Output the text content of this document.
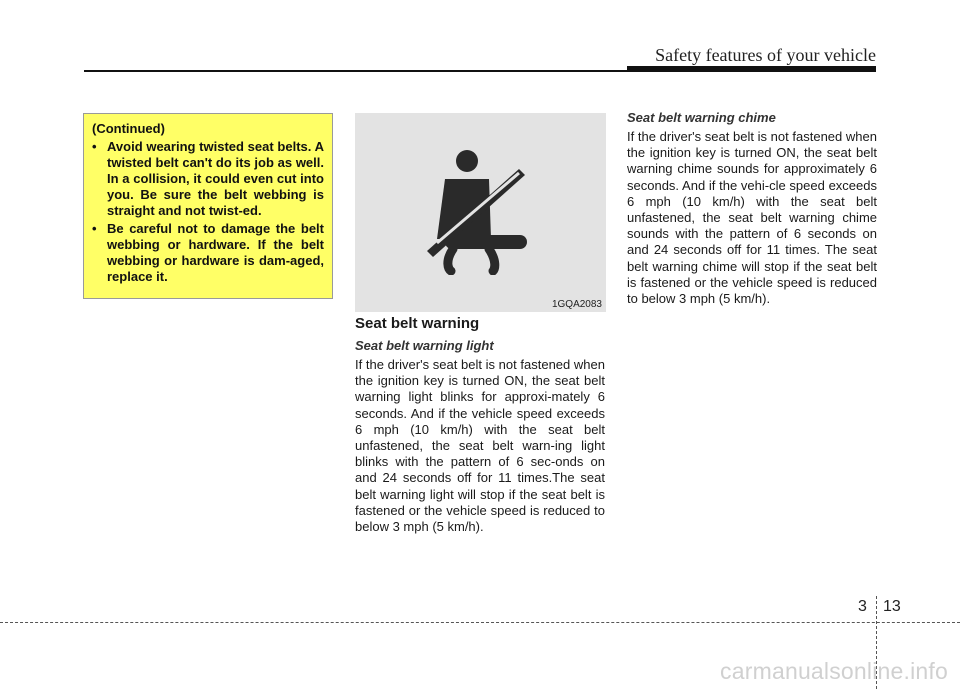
Safety features of your vehicle
(Continued)
• Avoid wearing twisted seat belts. A twisted belt can't do its job as well. In a collision, it could even cut into you. Be sure the belt webbing is straight and not twist-ed.
• Be careful not to damage the belt webbing or hardware. If the belt webbing or hardware is dam-aged, replace it.
1GQA2083
Seat belt warning
Seat belt warning light

If the driver's seat belt is not fastened when the ignition key is turned ON, the seat belt warning light blinks for approxi-mately 6 seconds. And if the vehicle speed exceeds 6 mph (10 km/h) with the seat belt unfastened, the seat belt warn-ing light blinks with the pattern of 6 sec-onds on and 24 seconds off for 11 times.The seat belt warning light will stop if the seat belt is fastened or the vehicle speed is reduced to below 3 mph (5 km/h).

Seat belt warning chime

If the driver's seat belt is not fastened when the ignition key is turned ON, the seat belt warning chime sounds for approximately 6 seconds. And if the vehi-cle speed exceeds 6 mph (10 km/h) with the seat belt unfastened, the seat belt warning chime sounds with the pattern of 6 seconds on and 24 seconds off for 11 times. The seat belt warning chime will stop if the seat belt is fastened or the vehicle speed is reduced to below 3 mph (5 km/h).

3 13
carmanualsonline.info
